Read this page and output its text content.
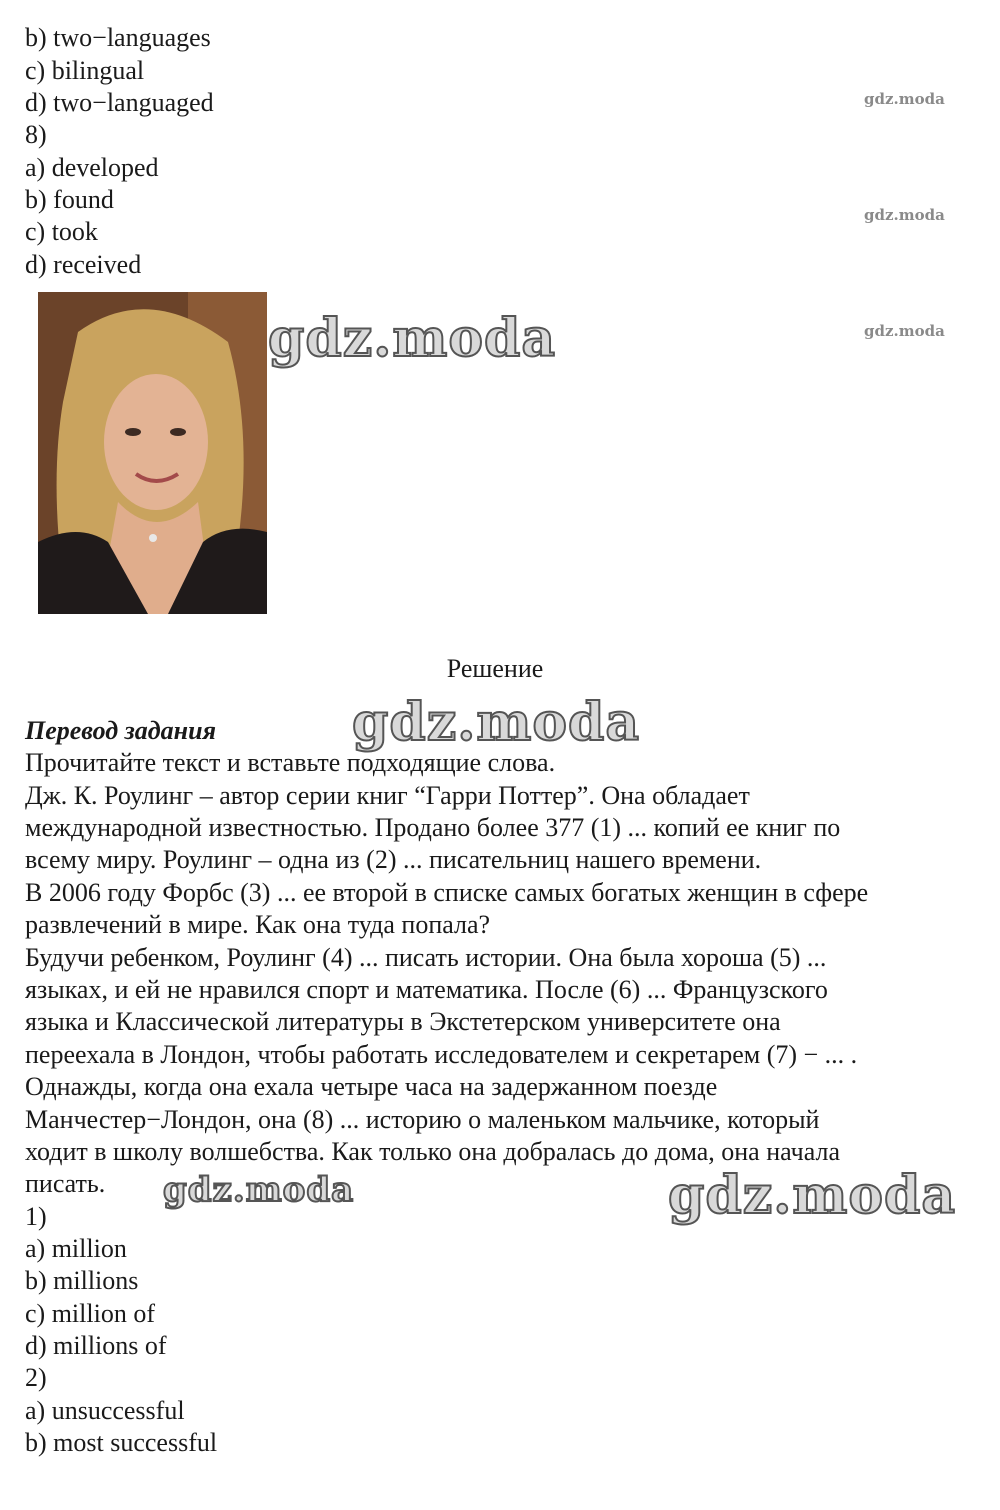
b) two−languages
c) bilingual
d) two−languaged
8)
a) developed
b) found
c) took
d) received
Решение
Перевод задания
Прочитайте текст и вставьте подходящие слова.
Дж. К. Роулинг – автор серии книг “Гарри Поттер”. Она обладает
международной известностью. Продано более 377 (1) ... копий ее книг по
всему миру. Роулинг – одна из (2) ... писательниц нашего времени.
В 2006 году Форбс (3) ... ее второй в списке самых богатых женщин в сфере
развлечений в мире. Как она туда попала?
Будучи ребенком, Роулинг (4) ... писать истории. Она была хороша (5) ...
языках, и ей не нравился спорт и математика. После (6) ... Французского
языка и Классической литературы в Экстетерском университете она
переехала в Лондон, чтобы работать исследователем и секретарем (7) − ... .
Однажды, когда она ехала четыре часа на задержанном поезде
Манчестер−Лондон, она (8) ... историю о маленьком мальчике, который
ходит в школу волшебства. Как только она добралась до дома, она начала
писать.
1)
a) million
b) millions
c) million of
d) millions of
2)
a) unsuccessful
b) most successful
gdz.moda
gdz.moda
gdz.moda
gdz.moda
gdz.moda
gdz.moda	gdz.moda
